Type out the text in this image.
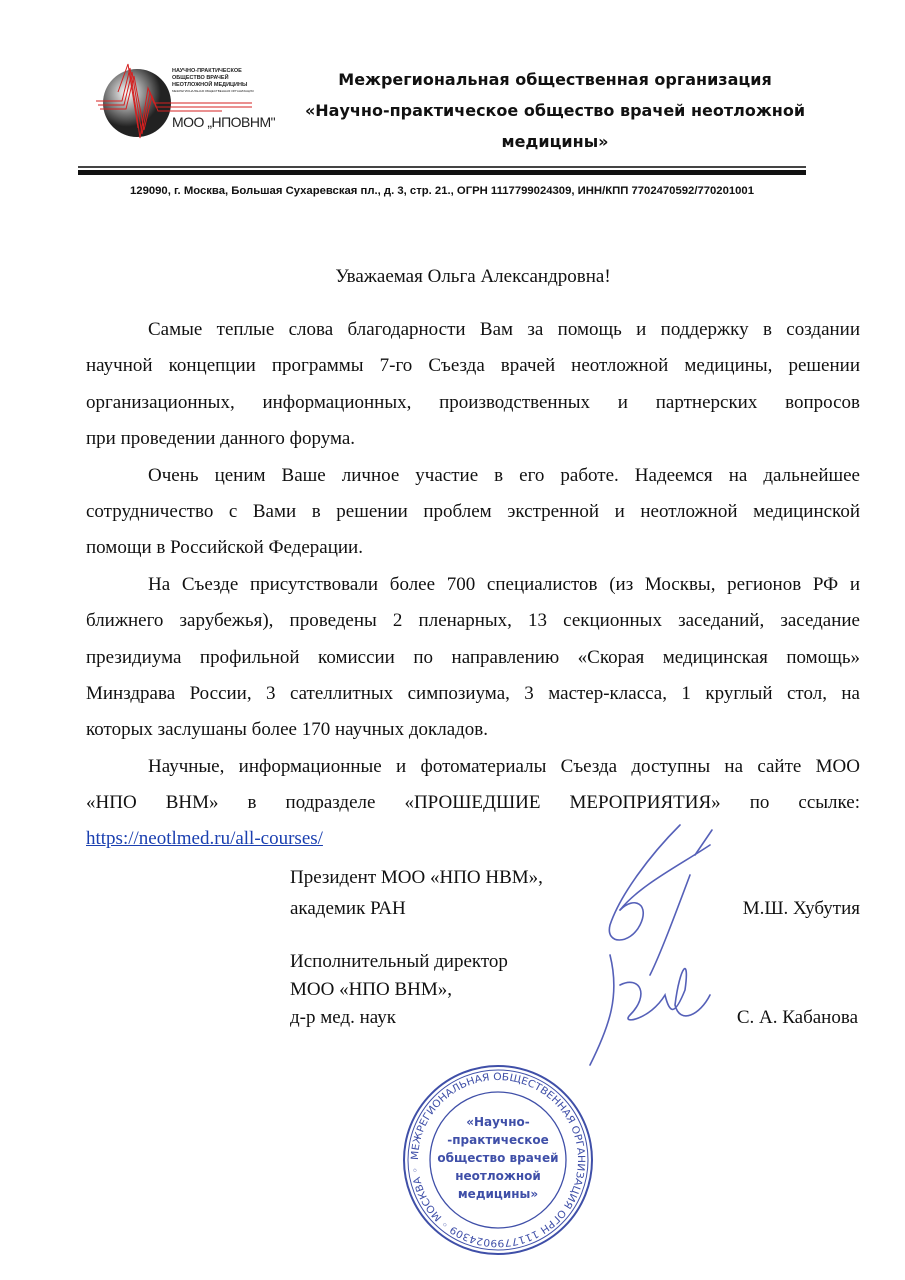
НАУЧНО-ПРАКТИЧЕСКОЕ
ОБЩЕСТВО ВРАЧЕЙ
НЕОТЛОЖНОЙ МЕДИЦИНЫ
МЕЖРЕГИОНАЛЬНАЯ ОБЩЕСТВЕННАЯ ОРГАНИЗАЦИЯ
МОО „НПОВНМ"
Межрегиональная общественная организация
«Научно-практическое общество врачей неотложной
медицины»
129090, г. Москва, Большая Сухаревская пл., д. 3, стр. 21., ОГРН 1117799024309, ИНН/КПП 7702470592/770201001
Уважаемая Ольга Александровна!
Самые теплые слова благодарности Вам за помощь и поддержку в создании
научной концепции программы 7-го Съезда врачей неотложной медицины, решении
организационных, информационных, производственных и партнерских вопросов
при проведении данного форума.
Очень ценим Ваше личное участие в его работе. Надеемся на дальнейшее
сотрудничество с Вами в решении проблем экстренной и неотложной медицинской
помощи в Российской Федерации.
На Съезде присутствовали более 700 специалистов (из Москвы, регионов РФ и
ближнего зарубежья), проведены 2 пленарных, 13 секционных заседаний, заседание
президиума профильной комиссии по направлению «Скорая медицинская помощь»
Минздрава России, 3 сателлитных симпозиума, 3 мастер-класса, 1 круглый стол, на
которых заслушаны более 170 научных докладов.
Научные, информационные и фотоматериалы Съезда доступны на сайте МОО
«НПО ВНМ» в подразделе «ПРОШЕДШИЕ МЕРОПРИЯТИЯ» по ссылке:
https://neotlmed.ru/all-courses/
Президент МОО «НПО НВМ»,
академик РАН	М.Ш. Хубутия
Исполнительный директор
МОО «НПО ВНМ»,
д-р мед. наук	С. А. Кабанова
МЕЖРЕГИОНАЛЬНАЯ ОБЩЕСТВЕННАЯ ОРГАНИЗАЦИЯ ОГРН 1117799024309 ◦ МОСКВА ◦
«Научно-
-практическое
общество врачей
неотложной
медицины»
